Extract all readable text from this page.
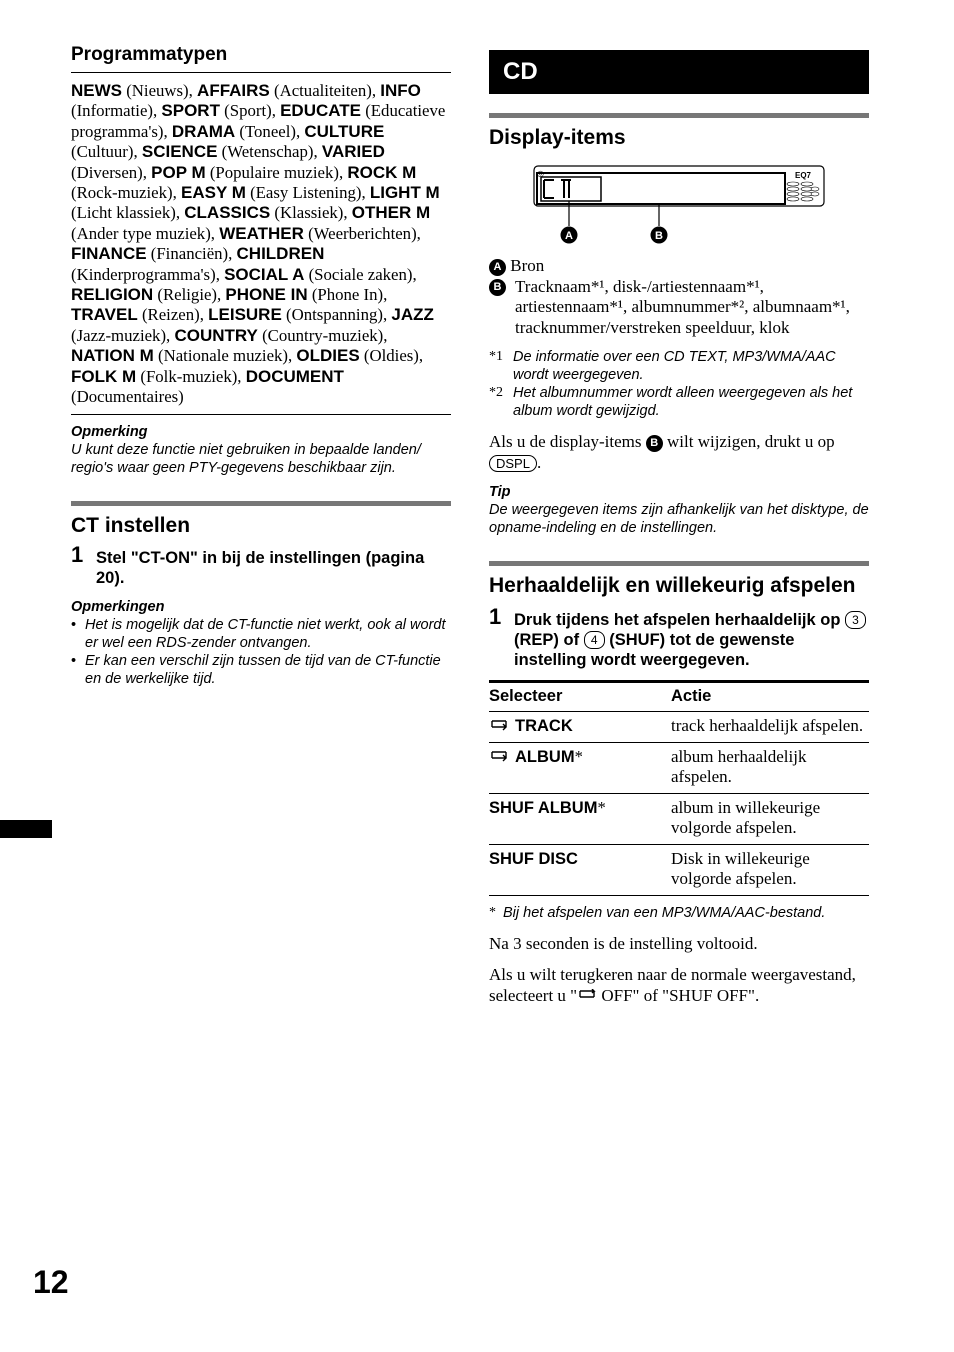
Programmatypen
NEWS (Nieuws), AFFAIRS (Actualiteiten), INFO (Informatie), SPORT (Sport), EDUCATE (Educatieve programma's), DRAMA (Toneel), CULTURE (Cultuur), SCIENCE (Wetenschap), VARIED (Diversen), POP M (Populaire muziek), ROCK M (Rock-muziek), EASY M (Easy Listening), LIGHT M (Licht klassiek), CLASSICS (Klassiek), OTHER M (Ander type muziek), WEATHER (Weerberichten), FINANCE (Financiën), CHILDREN (Kinderprogramma's), SOCIAL A (Sociale zaken), RELIGION (Religie), PHONE IN (Phone In), TRAVEL (Reizen), LEISURE (Ontspanning), JAZZ (Jazz-muziek), COUNTRY (Country-muziek), NATION M (Nationale muziek), OLDIES (Oldies), FOLK M (Folk-muziek), DOCUMENT (Documentaires)
Opmerking
U kunt deze functie niet gebruiken in bepaalde landen/ regio's waar geen PTY-gegevens beschikbaar zijn.
CT instellen
1 Stel "CT-ON" in bij de instellingen (pagina 20).
Opmerkingen
• Het is mogelijk dat de CT-functie niet werkt, ook al wordt er wel een RDS-zender ontvangen.
• Er kan een verschil zijn tussen de tijd van de CT-functie en de werkelijke tijd.
CD
Display-items
◎	EQ7
A	B
A Bron
B Tracknaam*¹, disk-/artiestennaam*¹, artiestennaam*¹, albumnummer*², albumnaam*¹, tracknummer/verstreken speelduur, klok
*1 De informatie over een CD TEXT, MP3/WMA/AAC wordt weergegeven.
*2 Het albumnummer wordt alleen weergegeven als het album wordt gewijzigd.
Als u de display-items B wilt wijzigen, drukt u op DSPL .
Tip
De weergegeven items zijn afhankelijk van het disktype, de opname-indeling en de instellingen.
Herhaaldelijk en willekeurig afspelen
1 Druk tijdens het afspelen herhaaldelijk op 3 (REP) of 4 (SHUF) tot de gewenste instelling wordt weergegeven.
Selecteer	Actie
TRACK	track herhaaldelijk afspelen.
ALBUM*	album herhaaldelijk afspelen.
SHUF ALBUM*	album in willekeurige volgorde afspelen.
SHUF DISC	Disk in willekeurige volgorde afspelen.
* Bij het afspelen van een MP3/WMA/AAC-bestand.
Na 3 seconden is de instelling voltooid.
Als u wilt terugkeren naar de normale weergavestand, selecteert u " OFF" of "SHUF OFF".
12
